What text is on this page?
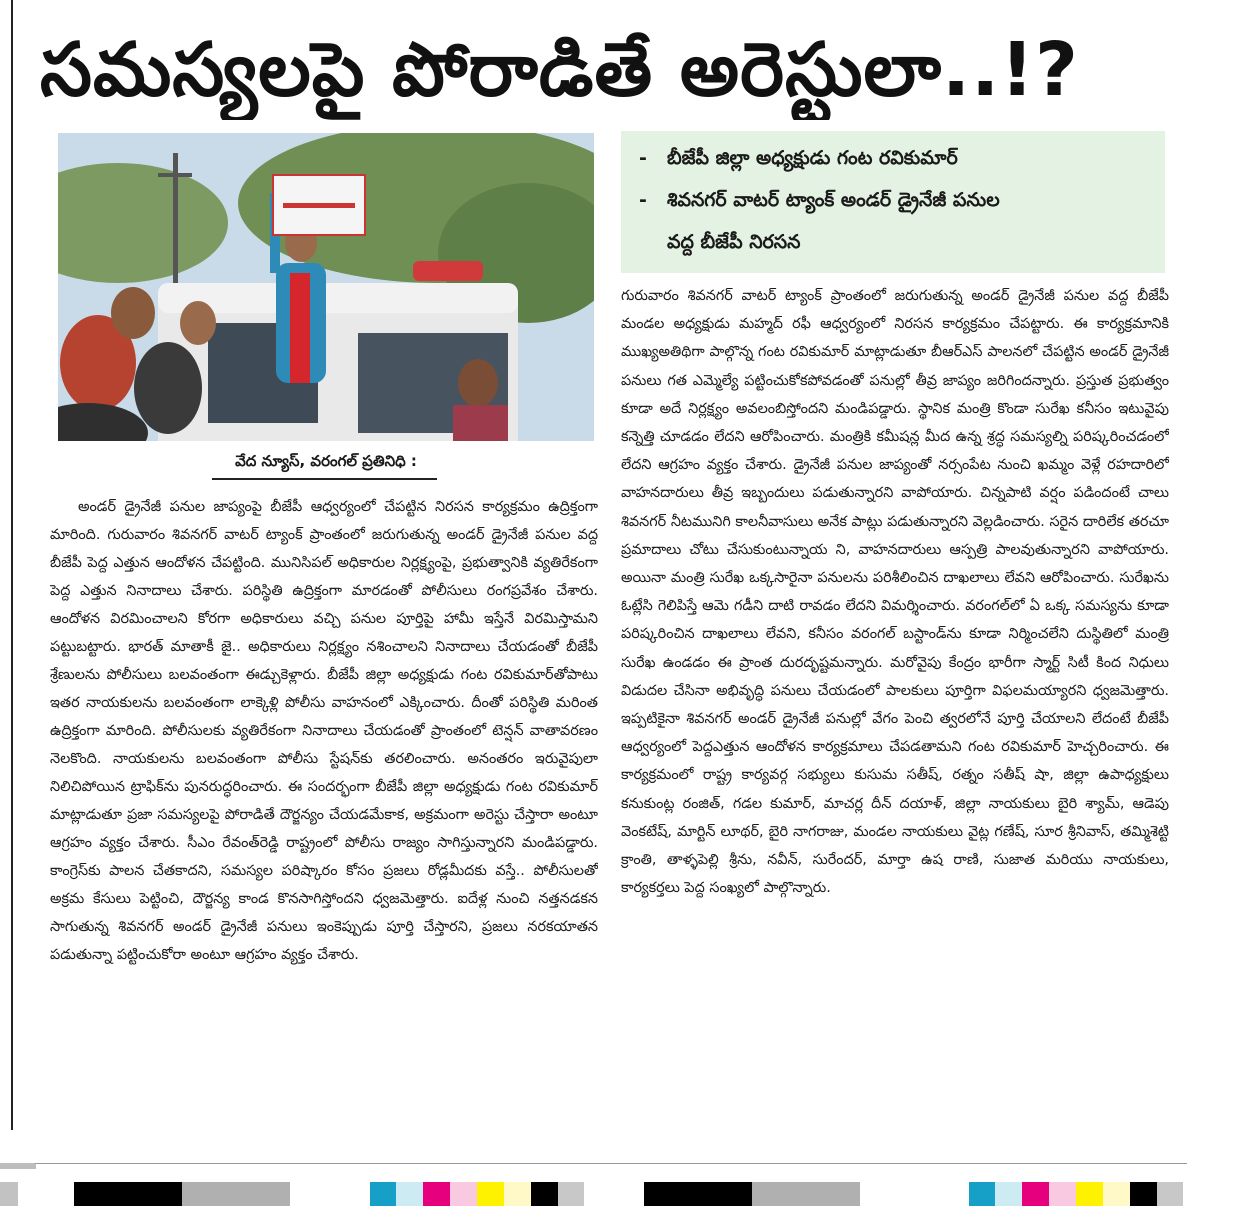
సమస్యలపై పోరాడితే అరెస్టులా..!?

వేద న్యూస్, వరంగల్ ప్రతినిధి :

అండర్ డ్రైనేజీ పనుల జాప్యంపై బీజేపీ ఆధ్వర్యంలో చేపట్టిన నిరసన కార్యక్రమం ఉద్రిక్తంగా మారింది. గురువారం శివనగర్ వాటర్ ట్యాంక్ ప్రాంతంలో జరుగుతున్న అండర్ డ్రైనేజీ పనుల వద్ద బీజేపీ పెద్ద ఎత్తున ఆందోళన చేపట్టింది. మునిసిపల్ అధికారుల నిర్లక్ష్యంపై, ప్రభుత్వానికి వ్యతిరేకంగా పెద్ద ఎత్తున నినాదాలు చేశారు. పరిస్థితి ఉద్రిక్తంగా మారడంతో పోలీసులు రంగప్రవేశం చేశారు. ఆందోళన విరమించాలని కోరగా అధికారులు వచ్చి పనుల పూర్తిపై హామీ ఇస్తేనే విరమిస్తామని పట్టుబట్టారు. భారత్ మాతాకీ జై.. అధికారులు నిర్లక్ష్యం నశించాలని నినాదాలు చేయడంతో బీజేపీ శ్రేణులను పోలీసులు బలవంతంగా ఈడ్చుకెళ్లారు. బీజేపీ జిల్లా అధ్యక్షుడు గంట రవికుమార్‌తోపాటు ఇతర నాయకులను బలవంతంగా లాక్కెళ్లి పోలీసు వాహనంలో ఎక్కించారు. దీంతో పరిస్థితి మరింత ఉద్రిక్తంగా మారింది. పోలీసులకు వ్యతిరేకంగా నినాదాలు చేయడంతో ప్రాంతంలో టెన్షన్ వాతావరణం నెలకొంది. నాయకులను బలవంతంగా పోలీసు స్టేషన్‌కు తరలించారు. అనంతరం ఇరువైపులా నిలిచిపోయిన ట్రాఫిక్‌ను పునరుద్ధరించారు. ఈ సందర్భంగా బీజేపీ జిల్లా అధ్యక్షుడు గంట రవికుమార్ మాట్లాడుతూ ప్రజా సమస్యలపై పోరాడితే దౌర్జన్యం చేయడమేకాక, అక్రమంగా అరెస్టు చేస్తారా అంటూ ఆగ్రహం వ్యక్తం చేశారు. సీఎం రేవంత్‌రెడ్డి రాష్ట్రంలో పోలీసు రాజ్యం సాగిస్తున్నారని మండిపడ్డారు. కాంగ్రెస్‌కు పాలన చేతకాదని, సమస్యల పరిష్కారం కోసం ప్రజలు రోడ్లమీదకు వస్తే.. పోలీసులతో అక్రమ కేసులు పెట్టించి, దౌర్జన్య కాండ కొనసాగిస్తోందని ధ్వజమెత్తారు. ఐదేళ్ల నుంచి నత్తనడకన సాగుతున్న శివనగర్ అండర్ డ్రైనేజీ పనులు ఇంకెప్పుడు పూర్తి చేస్తారని, ప్రజలు నరకయాతన పడుతున్నా పట్టించుకోరా అంటూ ఆగ్రహం వ్యక్తం చేశారు.

- బీజేపీ జిల్లా అధ్యక్షుడు గంట రవికుమార్
- శివనగర్ వాటర్ ట్యాంక్ అండర్ డ్రైనేజీ పనుల
వద్ద బీజేపీ నిరసన

గురువారం శివనగర్ వాటర్ ట్యాంక్ ప్రాంతంలో జరుగుతున్న అండర్ డ్రైనేజీ పనుల వద్ద బీజేపీ మండల అధ్యక్షుడు మహ్మద్ రఫీ ఆధ్వర్యంలో నిరసన కార్యక్రమం చేపట్టారు. ఈ కార్యక్రమానికి ముఖ్యఅతిథిగా పాల్గొన్న గంట రవికుమార్ మాట్లాడుతూ బీఆర్ఎస్ పాలనలో చేపట్టిన అండర్ డ్రైనేజీ పనులు గత ఎమ్మెల్యే పట్టించుకోకపోవడంతో పనుల్లో తీవ్ర జాప్యం జరిగిందన్నారు. ప్రస్తుత ప్రభుత్వం కూడా అదే నిర్లక్ష్యం అవలంబిస్తోందని మండిపడ్డారు. స్థానిక మంత్రి కొండా సురేఖ కనీసం ఇటువైపు కన్నెత్తి చూడడం లేదని ఆరోపించారు. మంత్రికి కమీషన్ల మీద ఉన్న శ్రద్ధ సమస్యల్ని పరిష్కరించడంలో లేదని ఆగ్రహం వ్యక్తం చేశారు. డ్రైనేజీ పనుల జాప్యంతో నర్సంపేట నుంచి ఖమ్మం వెళ్లే రహదారిలో వాహనదారులు తీవ్ర ఇబ్బందులు పడుతున్నారని వాపోయారు. చిన్నపాటి వర్షం పడిందంటే చాలు శివనగర్ నీటమునిగి కాలనీవాసులు అనేక పాట్లు పడుతున్నారని వెల్లడించారు. సరైన దారిలేక తరచూ ప్రమాదాలు చోటు చేసుకుంటున్నాయ ని, వాహనదారులు ఆస్పత్రి పాలవుతున్నారని వాపోయారు. అయినా మంత్రి సురేఖ ఒక్కసారైనా పనులను పరిశీలించిన దాఖలాలు లేవని ఆరోపించారు. సురేఖను ఓట్లేసి గెలిపిస్తే ఆమె గడీని దాటి రావడం లేదని విమర్శించారు. వరంగల్‌లో ఏ ఒక్క సమస్యను కూడా పరిష్కరించిన దాఖలాలు లేవని, కనీసం వరంగల్ బస్టాండ్‌ను కూడా నిర్మించలేని దుస్థితిలో మంత్రి సురేఖ ఉండడం ఈ ప్రాంత దురదృష్టమన్నారు. మరోవైపు కేంద్రం భారీగా స్మార్ట్ సిటీ కింద నిధులు విడుదల చేసినా అభివృద్ధి పనులు చేయడంలో పాలకులు పూర్తిగా విఫలమయ్యారని ధ్వజమెత్తారు. ఇప్పటికైనా శివనగర్ అండర్ డ్రైనేజీ పనుల్లో వేగం పెంచి త్వరలోనే పూర్తి చేయాలని లేదంటే బీజేపీ ఆధ్వర్యంలో పెద్దఎత్తున ఆందోళన కార్యక్రమాలు చేపడతామని గంట రవికుమార్ హెచ్చరించారు. ఈ కార్యక్రమంలో రాష్ట్ర కార్యవర్గ సభ్యులు కుసుమ సతీష్, రత్నం సతీష్ షా, జిల్లా ఉపాధ్యక్షులు కనుకుంట్ల రంజిత్, గడల కుమార్, మాచర్ల దీన్ దయాళ్, జిల్లా నాయకులు బైరి శ్యామ్, ఆడెపు వెంకటేష్, మార్టిన్ లూథర్, బైరి నాగరాజు, మండల నాయకులు వైట్ల గణేష్, సూర శ్రీనివాస్, తమ్మిశెట్టి క్రాంతి, తాళ్ళపెల్లి శ్రీను, నవీన్, సురేందర్, మార్తా ఉష రాణి, సుజాత మరియు నాయకులు, కార్యకర్తలు పెద్ద సంఖ్యలో పాల్గొన్నారు.
